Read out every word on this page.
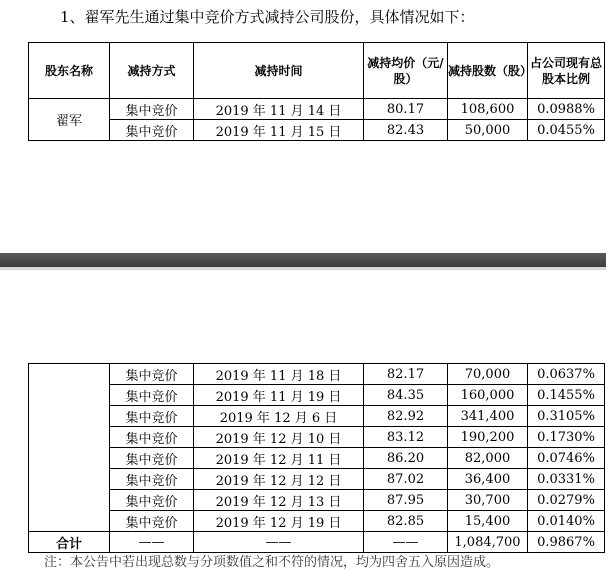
1、翟军先生通过集中竞价方式减持公司股份，具体情况如下：
股东名称	减持方式	减持时间	减持均价（元/股）	减持股数（股）	占公司现有总股本比例
翟军	集中竞价	2019 年 11 月 14 日	80.17	108,600	0.0988%
	集中竞价	2019 年 11 月 15 日	82.43	50,000	0.0455%
	集中竞价	2019 年 11 月 18 日	82.17	70,000	0.0637%
	集中竞价	2019 年 11 月 19 日	84.35	160,000	0.1455%
	集中竞价	2019 年 12 月 6 日	82.92	341,400	0.3105%
	集中竞价	2019 年 12 月 10 日	83.12	190,200	0.1730%
	集中竞价	2019 年 12 月 11 日	86.20	82,000	0.0746%
	集中竞价	2019 年 12 月 12 日	87.02	36,400	0.0331%
	集中竞价	2019 年 12 月 13 日	87.95	30,700	0.0279%
	集中竞价	2019 年 12 月 19 日	82.85	15,400	0.0140%
合计	——	——	——	1,084,700	0.9867%
注：本公告中若出现总数与分项数值之和不符的情况，均为四舍五入原因造成。
